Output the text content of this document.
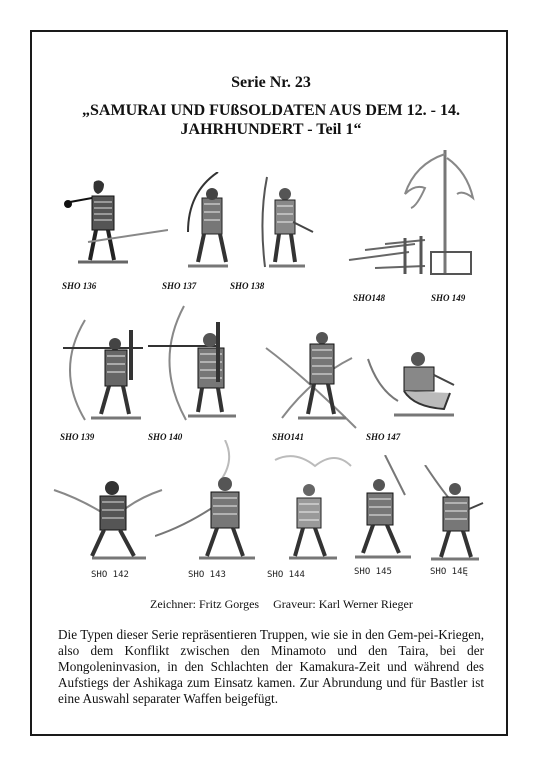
Serie Nr. 23
„SAMURAI UND FUßSOLDATEN AUS DEM 12. - 14.
JAHRHUNDERT - Teil 1“
SHO 136	SHO 137	SHO 138
SHO148	SHO 149
SHO 139	SHO 140	SHO141	SHO 147
SHO 142	SHO 143	SHO 144	SHO 145	SHO 14Ę
Zeichner: Fritz Gorges Graveur: Karl Werner Rieger
Die Typen dieser Serie repräsentieren Truppen, wie sie in den Gem-pei-Kriegen, also dem Konflikt zwischen den Minamoto und den Taira, bei der Mongoleninvasion, in den Schlachten der Kamakura-Zeit und während des Aufstiegs der Ashikaga zum Einsatz kamen. Zur Abrundung und für Bastler ist eine Auswahl separater Waffen beigefügt.
